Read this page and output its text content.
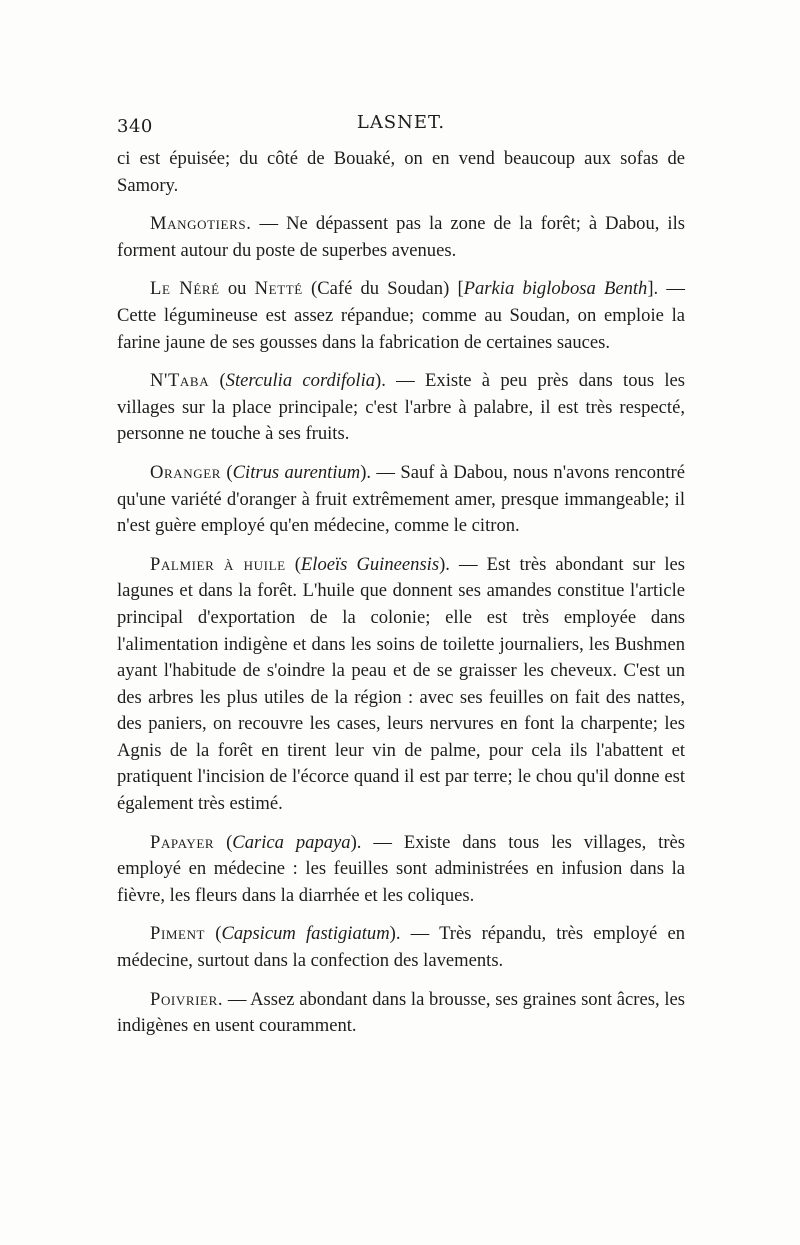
340	LASNET.

ci est épuisée; du côté de Bouaké, on en vend beaucoup aux sofas de Samory.

Mangotiers. — Ne dépassent pas la zone de la forêt; à Dabou, ils forment autour du poste de superbes avenues.

Le Néré ou Netté (Café du Soudan) [Parkia biglobosa Benth]. — Cette légumineuse est assez répandue; comme au Soudan, on emploie la farine jaune de ses gousses dans la fabrication de certaines sauces.

N'Taba (Sterculia cordifolia). — Existe à peu près dans tous les villages sur la place principale; c'est l'arbre à palabre, il est très respecté, personne ne touche à ses fruits.

Oranger (Citrus aurentium). — Sauf à Dabou, nous n'avons rencontré qu'une variété d'oranger à fruit extrêmement amer, presque immangeable; il n'est guère employé qu'en médecine, comme le citron.

Palmier à huile (Eloeïs Guineensis). — Est très abondant sur les lagunes et dans la forêt. L'huile que donnent ses amandes constitue l'article principal d'exportation de la colonie; elle est très employée dans l'alimentation indigène et dans les soins de toilette journaliers, les Bushmen ayant l'habitude de s'oindre la peau et de se graisser les cheveux. C'est un des arbres les plus utiles de la région : avec ses feuilles on fait des nattes, des paniers, on recouvre les cases, leurs nervures en font la charpente; les Agnis de la forêt en tirent leur vin de palme, pour cela ils l'abattent et pratiquent l'incision de l'écorce quand il est par terre; le chou qu'il donne est également très estimé.

Papayer (Carica papaya). — Existe dans tous les villages, très employé en médecine : les feuilles sont administrées en infusion dans la fièvre, les fleurs dans la diarrhée et les coliques.

Piment (Capsicum fastigiatum). — Très répandu, très employé en médecine, surtout dans la confection des lavements.

Poivrier. — Assez abondant dans la brousse, ses graines sont âcres, les indigènes en usent couramment.
